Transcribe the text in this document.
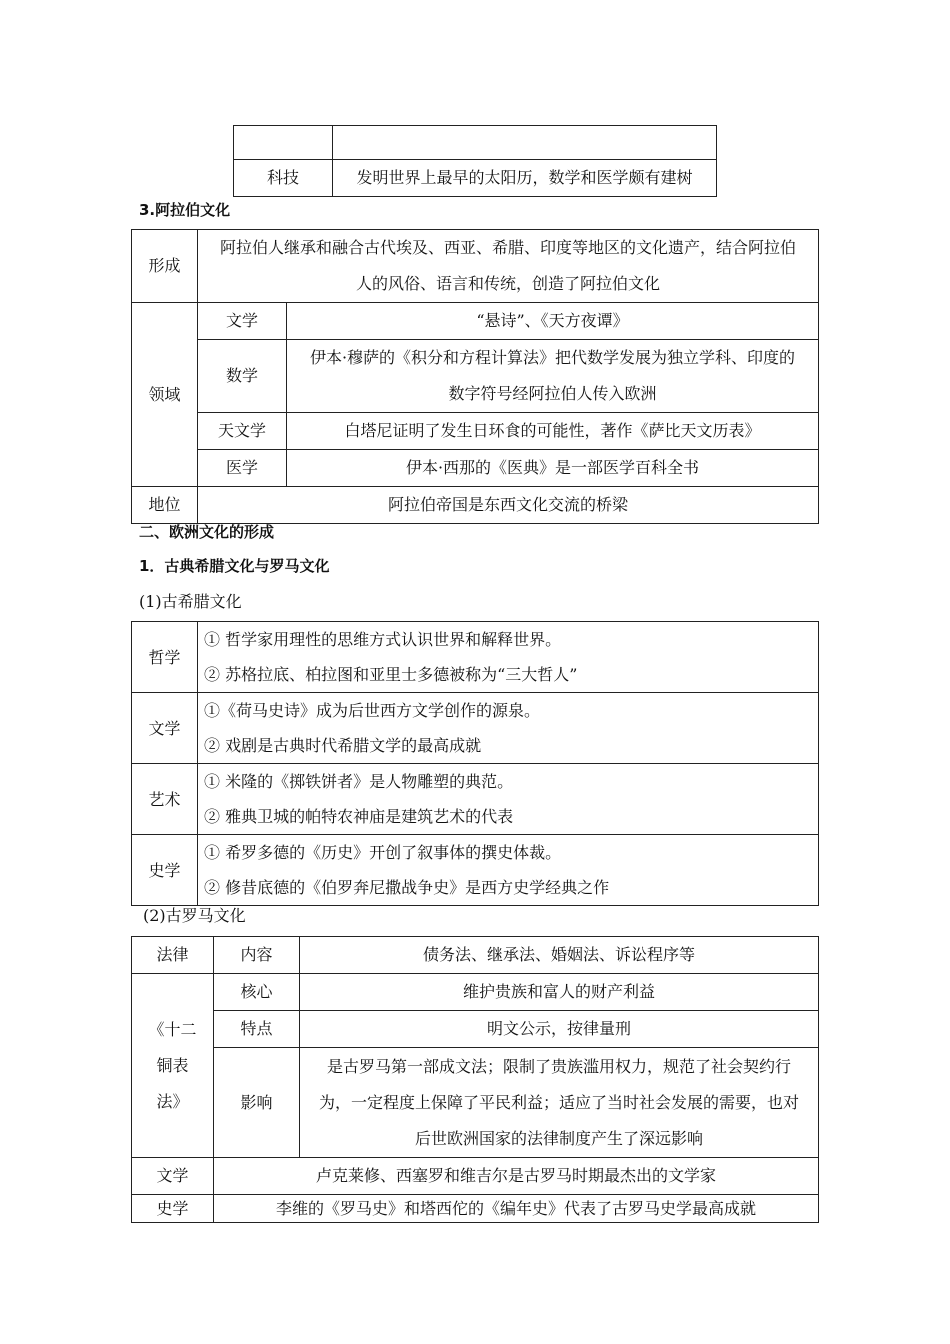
科技	发明世界上最早的太阳历，数学和医学颇有建树

3.阿拉伯文化

形成	阿拉伯人继承和融合古代埃及、西亚、希腊、印度等地区的文化遗产，结合阿拉伯
人的风俗、语言和传统，创造了阿拉伯文化	

领域	文学	“悬诗”、《天方夜谭》
	数学	伊本·穆萨的《积分和方程计算法》把代数学发展为独立学科、印度的
数字符号经阿拉伯人传入欧洲

	天文学	白塔尼证明了发生日环食的可能性，著作《萨比天文历表》
	医学	伊本·西那的《医典》是一部医学百科全书
地位	阿拉伯帝国是东西文化交流的桥梁	

二、欧洲文化的形成

1．古典希腊文化与罗马文化

(1)古希腊文化

哲学	① 哲学家用理性的思维方式认识世界和解释世界。
② 苏格拉底、柏拉图和亚里士多德被称为“三大哲人”

文学	①《荷马史诗》成为后世西方文学创作的源泉。
② 戏剧是古典时代希腊文学的最高成就

艺术	① 米隆的《掷铁饼者》是人物雕塑的典范。
② 雅典卫城的帕特农神庙是建筑艺术的代表

史学	① 希罗多德的《历史》开创了叙事体的撰史体裁。
② 修昔底德的《伯罗奔尼撒战争史》是西方史学经典之作

(2)古罗马文化

法律	内容	债务法、继承法、婚姻法、诉讼程序等

《十二
铜表
法》	核心	维护贵族和富人的财产利益
	特点	明文公示，按律量刑
	影响	是古罗马第一部成文法；限制了贵族滥用权力，规范了社会契约行
为，一定程度上保障了平民利益；适应了当时社会发展的需要，也对
后世欧洲国家的法律制度产生了深远影响

文学	卢克莱修、西塞罗和维吉尔是古罗马时期最杰出的文学家	
史学	李维的《罗马史》和塔西佗的《编年史》代表了古罗马史学最高成就	
